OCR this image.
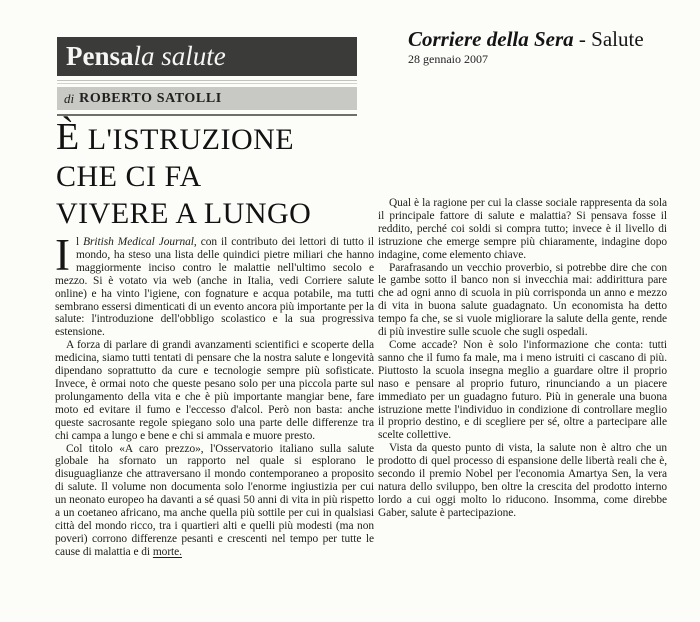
Corriere della Sera - Salute
28 gennaio 2007
Pensa la salute
di ROBERTO SATOLLI
È L'ISTRUZIONE
CHE CI FA
VIVERE A LUNGO

Il British Medical Journal, con il contributo dei lettori di tutto il mondo, ha steso una lista delle quindici pietre miliari che hanno maggiormente inciso contro le malattie nell'ultimo secolo e mezzo. Si è votato via web (anche in Italia, vedi Corriere salute online) e ha vinto l'igiene, con fognature e acqua potabile, ma tutti sembrano essersi dimenticati di un evento ancora più importante per la salute: l'introduzione dell'obbligo scolastico e la sua progressiva estensione.

A forza di parlare di grandi avanzamenti scientifici e scoperte della medicina, siamo tutti tentati di pensare che la nostra salute e longevità dipendano soprattutto da cure e tecnologie sempre più sofisticate. Invece, è ormai noto che queste pesano solo per una piccola parte sul prolungamento della vita e che è più importante mangiar bene, fare moto ed evitare il fumo e l'eccesso d'alcol. Però non basta: anche queste sacrosante regole spiegano solo una parte delle differenze tra chi campa a lungo e bene e chi si ammala e muore presto.

Col titolo «A caro prezzo», l'Osservatorio italiano sulla salute globale ha sfornato un rapporto nel quale si esplorano le disuguaglianze che attraversano il mondo contemporaneo a proposito di salute. Il volume non documenta solo l'enorme ingiustizia per cui un neonato europeo ha davanti a sé quasi 50 anni di vita in più rispetto a un coetaneo africano, ma anche quella più sottile per cui in qualsiasi città del mondo ricco, tra i quartieri alti e quelli più modesti (ma non poveri) corrono differenze pesanti e crescenti nel tempo per tutte le cause di malattia e di morte.

Qual è la ragione per cui la classe sociale rappresenta da sola il principale fattore di salute e malattia? Si pensava fosse il reddito, perché coi soldi si compra tutto; invece è il livello di istruzione che emerge sempre più chiaramente, indagine dopo indagine, come elemento chiave.

Parafrasando un vecchio proverbio, si potrebbe dire che con le gambe sotto il banco non si invecchia mai: addirittura pare che ad ogni anno di scuola in più corrisponda un anno e mezzo di vita in buona salute guadagnato. Un economista ha detto tempo fa che, se si vuole migliorare la salute della gente, rende di più investire sulle scuole che sugli ospedali.

Come accade? Non è solo l'informazione che conta: tutti sanno che il fumo fa male, ma i meno istruiti ci cascano di più. Piuttosto la scuola insegna meglio a guardare oltre il proprio naso e pensare al proprio futuro, rinunciando a un piacere immediato per un guadagno futuro. Più in generale una buona istruzione mette l'individuo in condizione di controllare meglio il proprio destino, e di scegliere per sé, oltre a partecipare alle scelte collettive.

Vista da questo punto di vista, la salute non è altro che un prodotto di quel processo di espansione delle libertà reali che è, secondo il premio Nobel per l'economia Amartya Sen, la vera natura dello sviluppo, ben oltre la crescita del prodotto interno lordo a cui oggi molto lo riducono. Insomma, come direbbe Gaber, salute è partecipazione.
